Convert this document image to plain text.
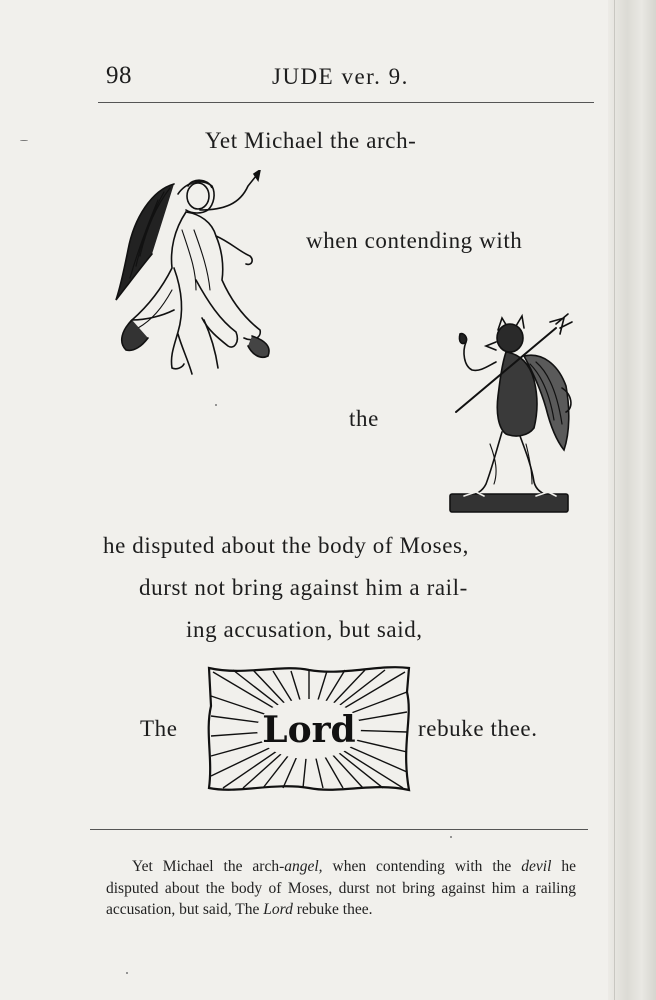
98	JUDE ver. 9.
Yet Michael the arch-
when contending with
the
he disputed about the body of Moses,
durst not bring against him a rail-
ing accusation, but said,
The Lord	rebuke thee.

Yet Michael the arch-angel, when contending with the devil he disputed about the body of Moses, durst not bring against him a railing accusation, but said, The Lord rebuke thee.
